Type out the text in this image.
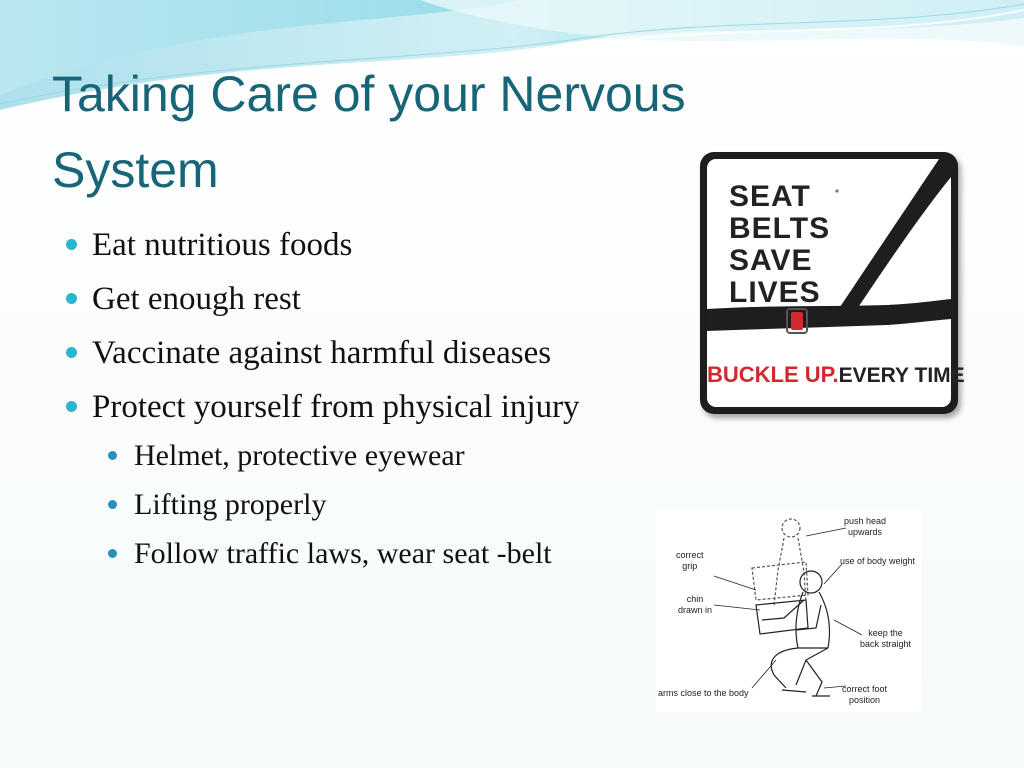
Taking Care of your Nervous System
Eat nutritious foods
Get enough rest
Vaccinate against harmful diseases
Protect yourself from physical injury
Helmet, protective eyewear
Lifting properly
Follow traffic laws, wear seat -belt
SEAT
BELTS
SAVE
LIVES
BUCKLE UP.EVERY TIME
push head
upwards
correct
grip	use of body weight
chin
drawn in
keep the
back straight
arms close to the body	correct foot
position
